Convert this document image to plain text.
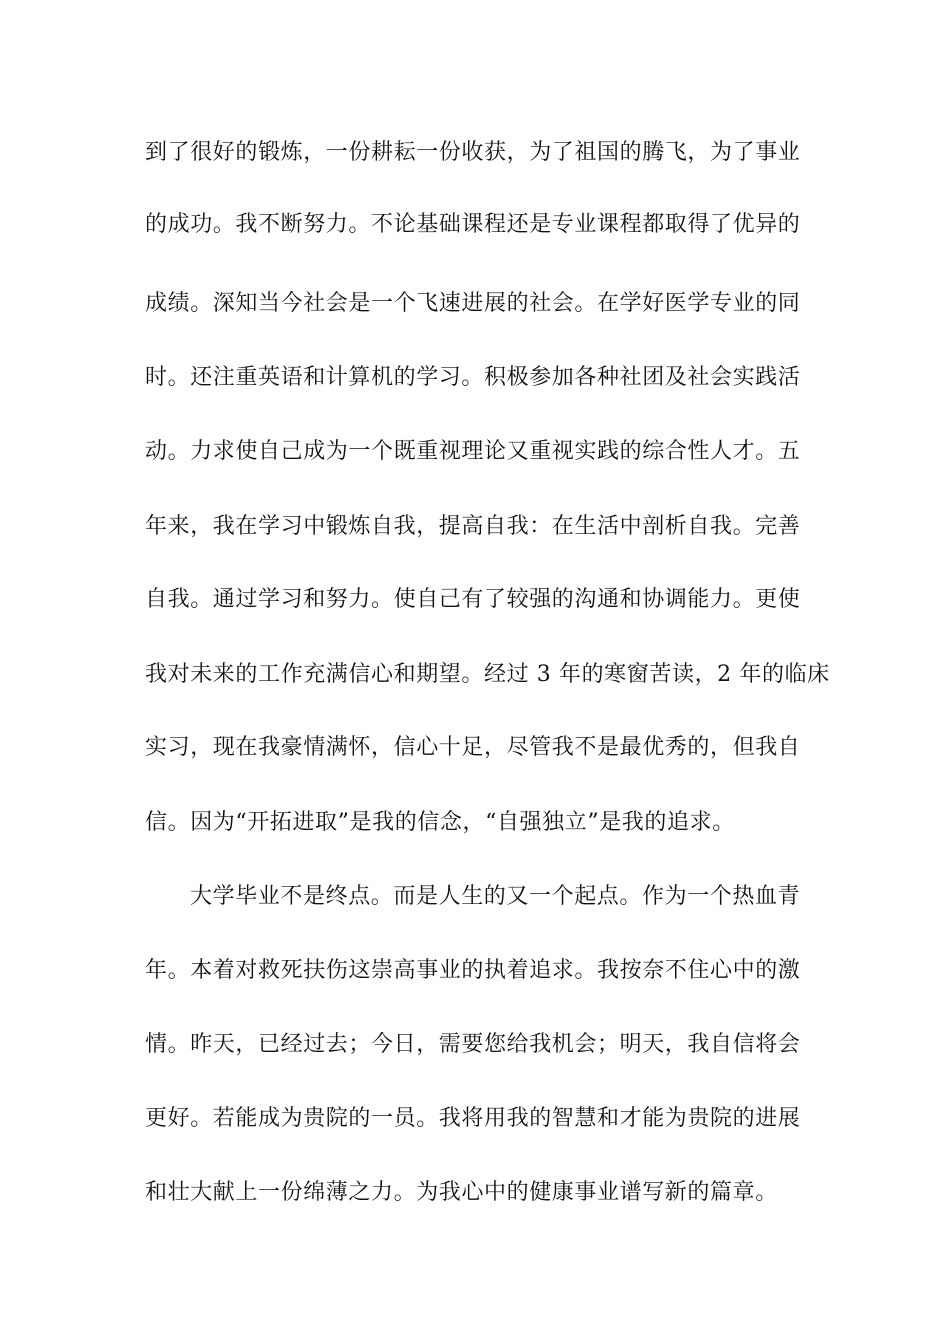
到了很好的锻炼，一份耕耘一份收获，为了祖国的腾飞，为了事业
的成功。我不断努力。不论基础课程还是专业课程都取得了优异的
成绩。深知当今社会是一个飞速进展的社会。在学好医学专业的同
时。还注重英语和计算机的学习。积极参加各种社团及社会实践活
动。力求使自己成为一个既重视理论又重视实践的综合性人才。五
年来，我在学习中锻炼自我，提高自我：在生活中剖析自我。完善
自我。通过学习和努力。使自己有了较强的沟通和协调能力。更使
我对未来的工作充满信心和期望。经过 3 年的寒窗苦读，2 年的临床
实习，现在我豪情满怀，信心十足，尽管我不是最优秀的，但我自
信。因为“开拓进取”是我的信念，“自强独立”是我的追求。
大学毕业不是终点。而是人生的又一个起点。作为一个热血青
年。本着对救死扶伤这崇高事业的执着追求。我按奈不住心中的激
情。昨天，已经过去；今日，需要您给我机会；明天，我自信将会
更好。若能成为贵院的一员。我将用我的智慧和才能为贵院的进展
和壮大献上一份绵薄之力。为我心中的健康事业谱写新的篇章。
